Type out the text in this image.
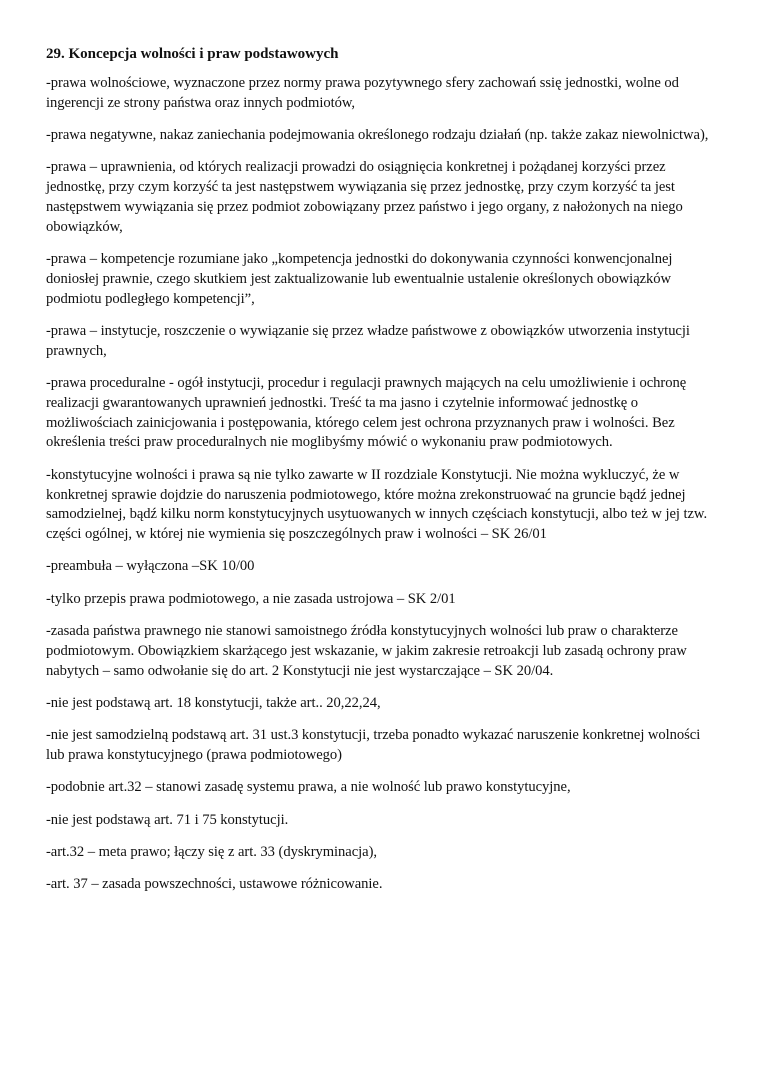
29. Koncepcja wolności i praw podstawowych

-prawa wolnościowe, wyznaczone przez normy prawa pozytywnego sfery zachowań ssię jednostki, wolne od ingerencji ze strony państwa oraz innych podmiotów,

-prawa negatywne, nakaz zaniechania podejmowania określonego rodzaju działań (np. także zakaz niewolnictwa),

-prawa – uprawnienia, od których realizacji prowadzi do osiągnięcia konkretnej i pożądanej korzyści przez jednostkę, przy czym korzyść ta jest następstwem wywiązania się przez jednostkę, przy czym korzyść ta jest następstwem wywiązania się przez podmiot zobowiązany przez państwo i jego organy, z nałożonych na niego obowiązków,

-prawa – kompetencje rozumiane jako „kompetencja jednostki do dokonywania czynności konwencjonalnej doniosłej prawnie, czego skutkiem jest zaktualizowanie lub ewentualnie ustalenie określonych obowiązków podmiotu podległego kompetencji”,

-prawa – instytucje, roszczenie o wywiązanie się przez władze państwowe z obowiązków utworzenia instytucji prawnych,

-prawa proceduralne - ogół instytucji, procedur i regulacji prawnych mających na celu umożliwienie i ochronę realizacji gwarantowanych uprawnień jednostki. Treść ta ma jasno i czytelnie informować jednostkę o możliwościach zainicjowania i postępowania, którego celem jest ochrona przyznanych praw i wolności. Bez określenia treści praw proceduralnych nie moglibyśmy mówić o wykonaniu praw podmiotowych.

-konstytucyjne wolności i prawa są nie tylko zawarte w II rozdziale Konstytucji. Nie można wykluczyć, że w konkretnej sprawie dojdzie do naruszenia podmiotowego, które można zrekonstruować na gruncie bądź jednej samodzielnej, bądź kilku norm konstytucyjnych usytuowanych w innych częściach konstytucji, albo też w jej tzw. części ogólnej, w której nie wymienia się poszczególnych praw i wolności – SK 26/01

-preambuła – wyłączona –SK 10/00

-tylko przepis prawa podmiotowego, a nie zasada ustrojowa – SK 2/01

-zasada państwa prawnego nie stanowi samoistnego źródła konstytucyjnych wolności lub praw o charakterze podmiotowym. Obowiązkiem skarżącego jest wskazanie, w jakim zakresie retroakcji lub zasadą ochrony praw nabytych – samo odwołanie się do art. 2 Konstytucji nie jest wystarczające – SK 20/04.

-nie jest podstawą art. 18 konstytucji, także art.. 20,22,24,

-nie jest samodzielną podstawą art. 31 ust.3 konstytucji, trzeba ponadto wykazać naruszenie konkretnej wolności lub prawa konstytucyjnego (prawa podmiotowego)

-podobnie art.32 – stanowi zasadę systemu prawa, a nie wolność lub prawo konstytucyjne,

-nie jest podstawą art. 71 i 75 konstytucji.

-art.32 – meta prawo; łączy się z art. 33 (dyskryminacja),

-art. 37 – zasada powszechności, ustawowe różnicowanie.
